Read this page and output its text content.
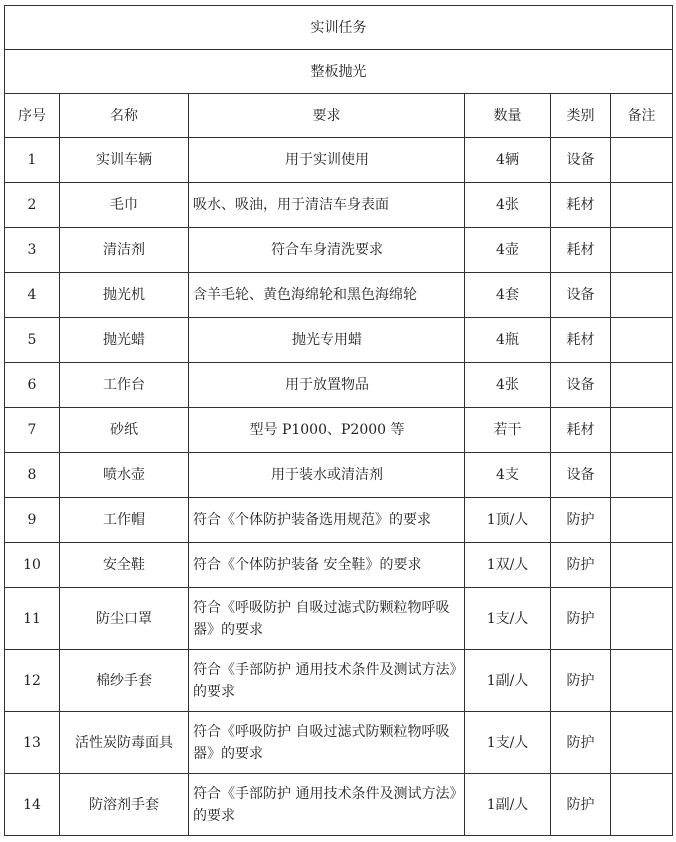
实训任务					
整板抛光					
序号	名称	要求	数量	类别	备注
1	实训车辆	用于实训使用	4辆	设备	
2	毛巾	吸水、吸油，用于清洁车身表面	4张	耗材	
3	清洁剂	符合车身清洗要求	4壶	耗材	
4	抛光机	含羊毛轮、黄色海绵轮和黑色海绵轮	4套	设备	
5	抛光蜡	抛光专用蜡	4瓶	耗材	
6	工作台	用于放置物品	4张	设备	
7	砂纸	型号 P1000、P2000 等	若干	耗材	
8	喷水壶	用于装水或清洁剂	4支	设备	
9	工作帽	符合《个体防护装备选用规范》的要求	1顶/人	防护	
10	安全鞋	符合《个体防护装备 安全鞋》的要求	1双/人	防护	
11	防尘口罩	符合《呼吸防护 自吸过滤式防颗粒物呼吸器》的要求	1支/人	防护	
12	棉纱手套	符合《手部防护 通用技术条件及测试方法》的要求	1副/人	防护	
13	活性炭防毒面具	符合《呼吸防护 自吸过滤式防颗粒物呼吸器》的要求	1支/人	防护	
14	防溶剂手套	符合《手部防护 通用技术条件及测试方法》的要求	1副/人	防护	
